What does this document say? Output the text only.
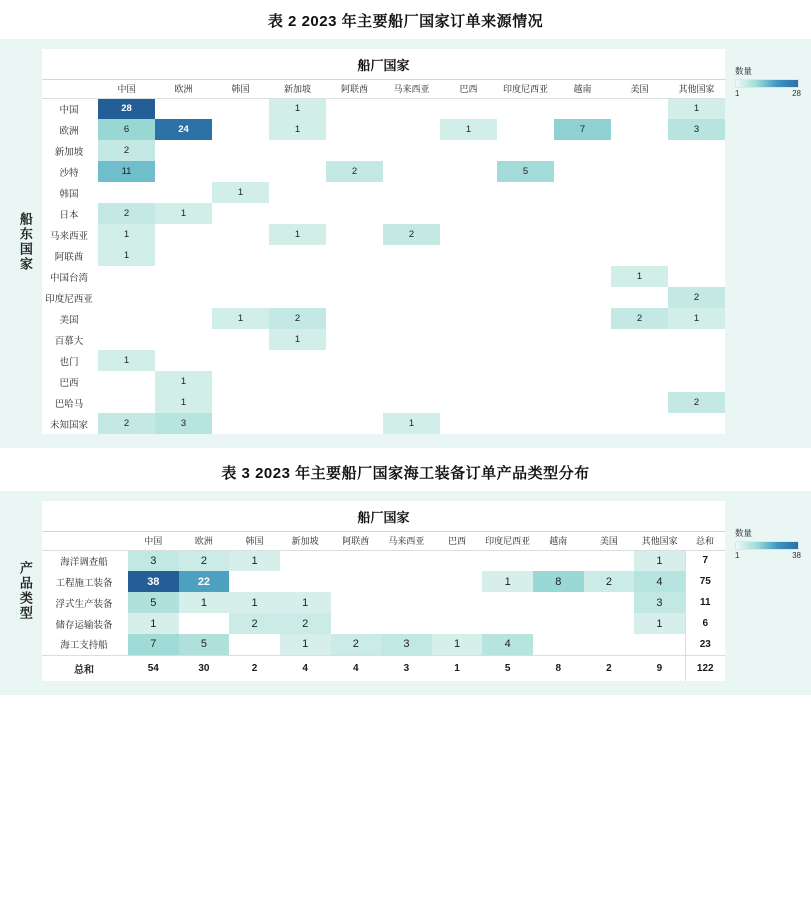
表 2 2023 年主要船厂国家订单来源情况
数量
1	28
船东国家
船厂国家
	中国	欧洲	韩国	新加坡	阿联酋	马来西亚	巴西	印度尼西亚	越南	美国	其他国家
中国	28			1							1
欧洲	6	24		1			1		7		3
新加坡	2										
沙特	11				2			5			
韩国			1								
日本	2	1									
马来西亚	1			1		2					
阿联酋	1										
中国台湾										1	
印度尼西亚											2
美国			1	2						2	1
百慕大				1							
也门	1										
巴西		1									
巴哈马		1									2
未知国家	2	3				1					
表 3 2023 年主要船厂国家海工装备订单产品类型分布
数量
1	38
产品类型
船厂国家
	中国	欧洲	韩国	新加坡	阿联酋	马来西亚	巴西	印度尼西亚	越南	美国	其他国家	总和
海洋调查船	3	2	1								1	7
工程施工装备	38	22						1	8	2	4	75
浮式生产装备	5	1	1	1							3	11
储存运输装备	1		2	2							1	6
海工支持船	7	5		1	2	3	1	4				23
总和	54	30	2	4	4	3	1	5	8	2	9	122
